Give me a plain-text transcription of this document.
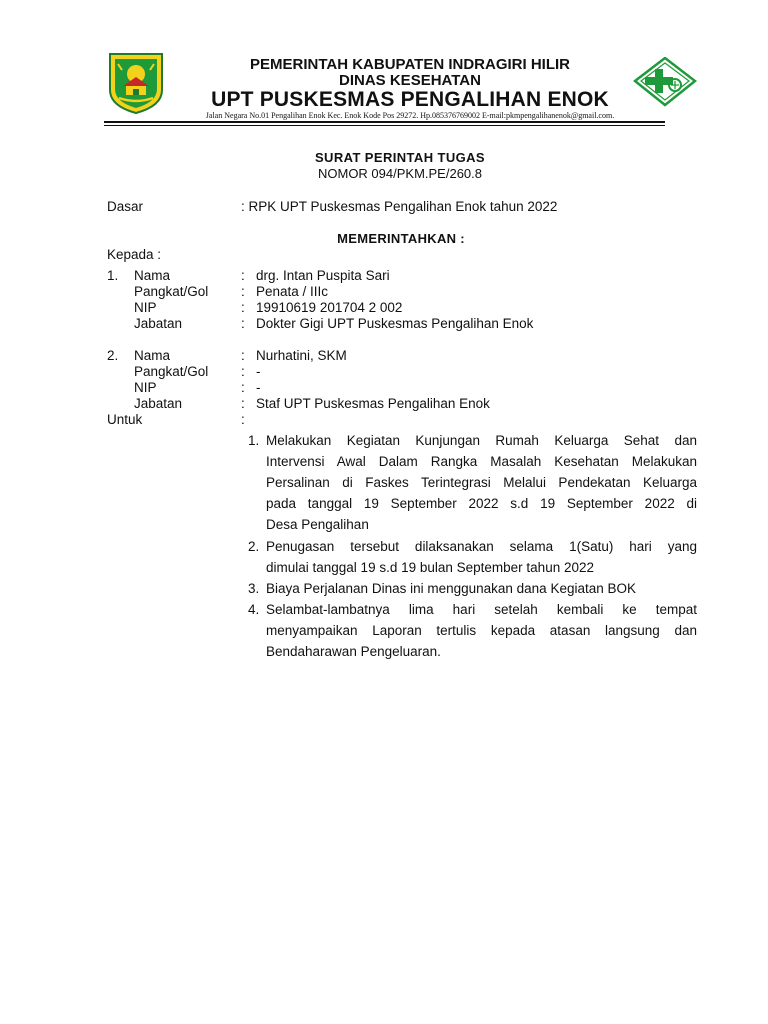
PEMERINTAH KABUPATEN INDRAGIRI HILIR
DINAS KESEHATAN
UPT PUSKESMAS PENGALIHAN ENOK
Jalan Negara No.01 Pengalihan Enok Kec. Enok Kode Pos 29272. Hp.085376769002 E-mail:pkmpengalihanenok@gmail.com.
SURAT PERINTAH TUGAS
NOMOR 094/PKM.PE/260.8
Dasar	: RPK UPT Puskesmas Pengalihan Enok tahun 2022
MEMERINTAHKAN :
Kepada :
1. Nama	: drg. Intan Puspita Sari
Pangkat/Gol : Penata / IIIc
NIP	: 19910619 201704 2 002
Jabatan	: Dokter Gigi UPT Puskesmas Pengalihan Enok
2. Nama	: Nurhatini, SKM
Pangkat/Gol : -
NIP	: -
Jabatan	: Staf UPT Puskesmas Pengalihan Enok
Untuk	:
1. Melakukan Kegiatan Kunjungan Rumah Keluarga Sehat dan
Intervensi Awal Dalam Rangka Masalah Kesehatan Melakukan
Persalinan di Faskes Terintegrasi Melalui Pendekatan Keluarga
pada tanggal 19 September 2022 s.d 19 September 2022 di
Desa Pengalihan
2. Penugasan tersebut dilaksanakan selama 1(Satu) hari yang
dimulai tanggal 19 s.d 19 bulan September tahun 2022
3. Biaya Perjalanan Dinas ini menggunakan dana Kegiatan BOK
4. Selambat-lambatnya lima hari setelah kembali ke tempat
menyampaikan Laporan tertulis kepada atasan langsung dan
Bendaharawan Pengeluaran.
